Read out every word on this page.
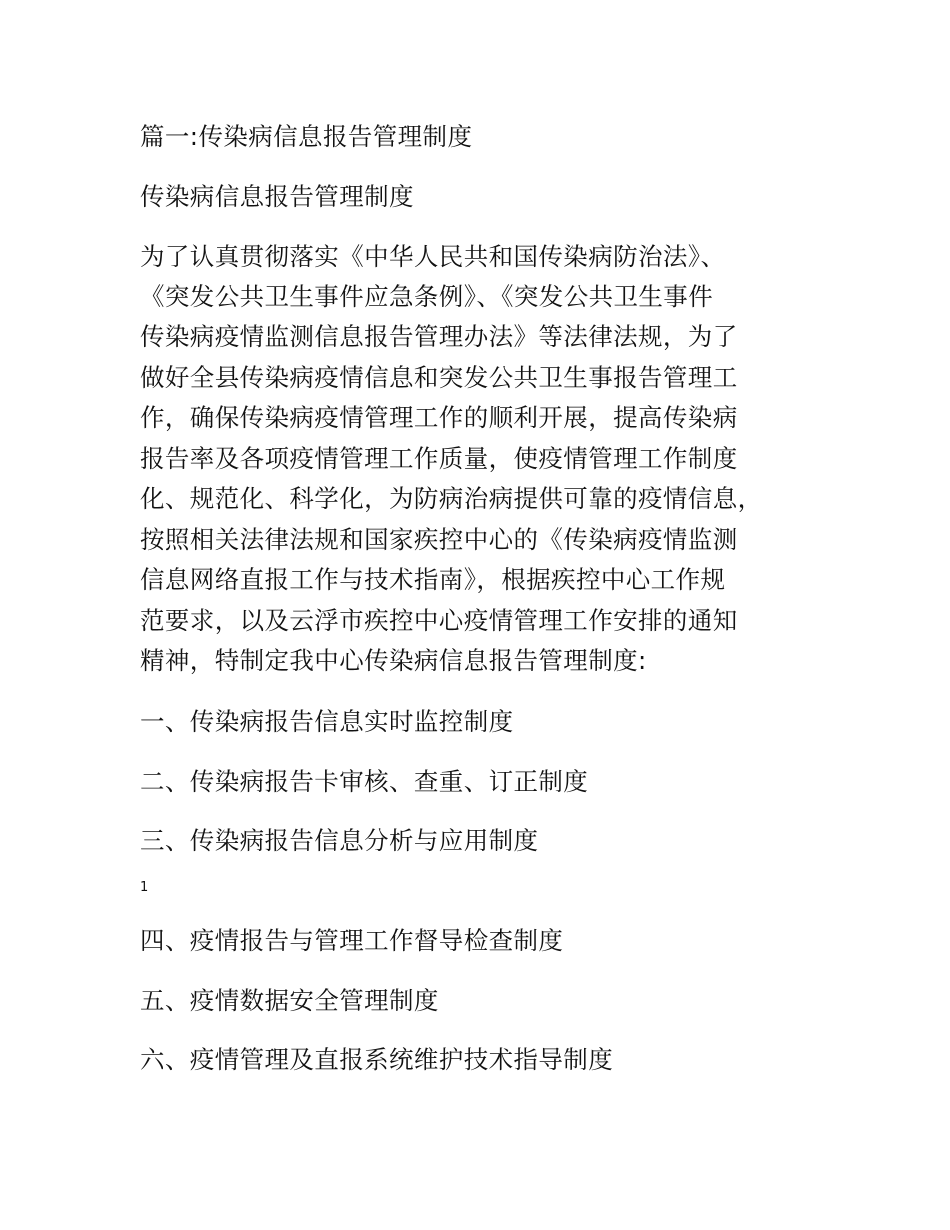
篇一:传染病信息报告管理制度
传染病信息报告管理制度
为了认真贯彻落实《中华人民共和国传染病防治法》、
《突发公共卫生事件应急条例》、《突发公共卫生事件
传染病疫情监测信息报告管理办法》等法律法规，为了
做好全县传染病疫情信息和突发公共卫生事报告管理工
作，确保传染病疫情管理工作的顺利开展，提高传染病
报告率及各项疫情管理工作质量，使疫情管理工作制度
化、规范化、科学化，为防病治病提供可靠的疫情信息，
按照相关法律法规和国家疾控中心的《传染病疫情监测
信息网络直报工作与技术指南》，根据疾控中心工作规
范要求，以及云浮市疾控中心疫情管理工作安排的通知
精神，特制定我中心传染病信息报告管理制度:
一、传染病报告信息实时监控制度
二、传染病报告卡审核、查重、订正制度
三、传染病报告信息分析与应用制度
1
四、疫情报告与管理工作督导检查制度
五、疫情数据安全管理制度
六、疫情管理及直报系统维护技术指导制度
